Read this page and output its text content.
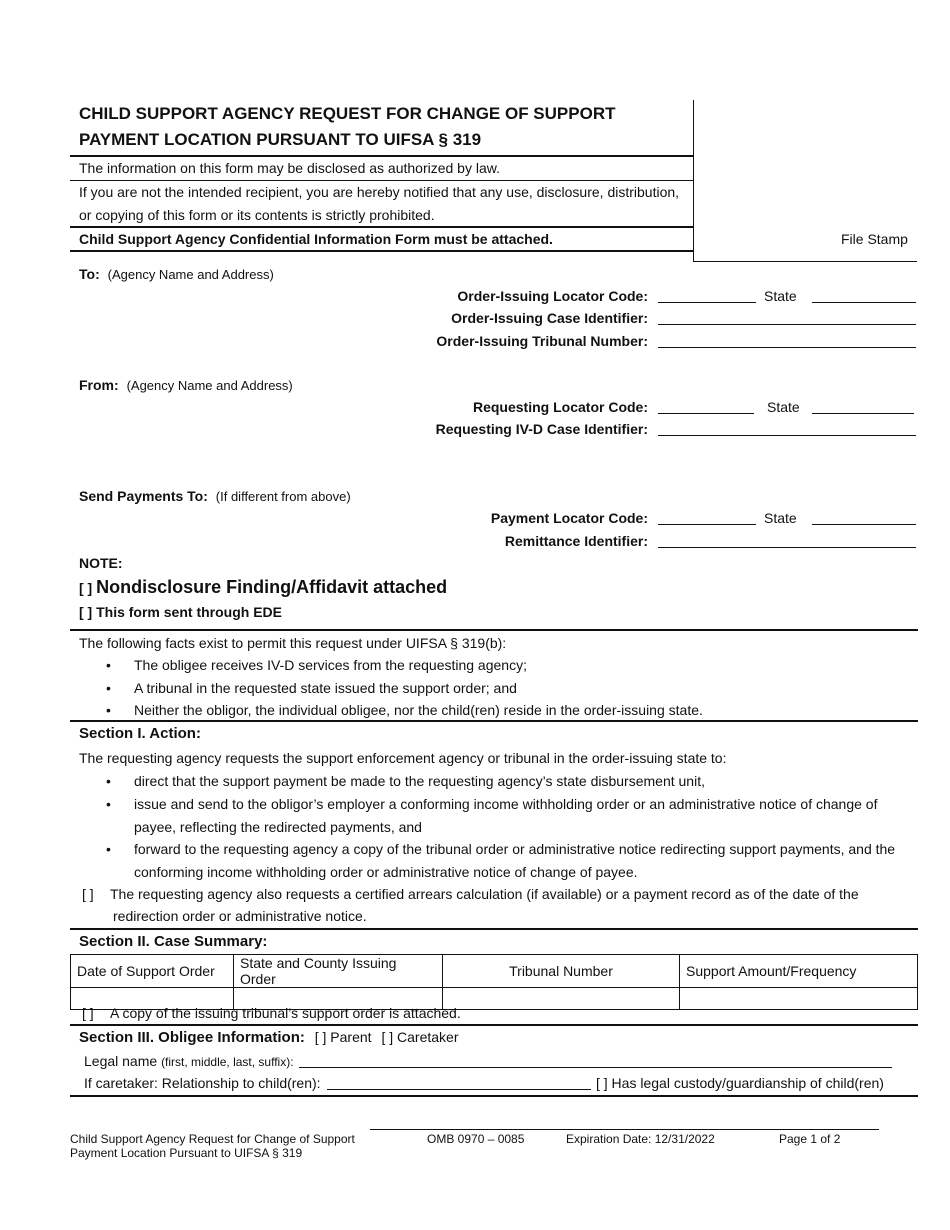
CHILD SUPPORT AGENCY REQUEST FOR CHANGE OF SUPPORT
PAYMENT LOCATION PURSUANT TO UIFSA § 319
The information on this form may be disclosed as authorized by law.
If you are not the intended recipient, you are hereby notified that any use, disclosure, distribution,
or copying of this form or its contents is strictly prohibited.
Child Support Agency Confidential Information Form must be attached.	File Stamp
To: (Agency Name and Address)
Order-Issuing Locator Code:	State
Order-Issuing Case Identifier:
Order-Issuing Tribunal Number:
From: (Agency Name and Address)
Requesting Locator Code:	State
Requesting IV-D Case Identifier:
Send Payments To: (If different from above)
Payment Locator Code:	State
Remittance Identifier:
NOTE:
[ ] Nondisclosure Finding/Affidavit attached
[ ] This form sent through EDE
The following facts exist to permit this request under UIFSA § 319(b):
• The obligee receives IV-D services from the requesting agency;
• A tribunal in the requested state issued the support order; and
• Neither the obligor, the individual obligee, nor the child(ren) reside in the order-issuing state.
Section I. Action:
The requesting agency requests the support enforcement agency or tribunal in the order-issuing state to:
• direct that the support payment be made to the requesting agency’s state disbursement unit,
• issue and send to the obligor’s employer a conforming income withholding order or an administrative notice of change of
payee, reflecting the redirected payments, and
• forward to the requesting agency a copy of the tribunal order or administrative notice redirecting support payments, and the
conforming income withholding order or administrative notice of change of payee.
[ ] The requesting agency also requests a certified arrears calculation (if available) or a payment record as of the date of the
redirection order or administrative notice.
Section II. Case Summary:
Date of Support Order	State and County Issuing Order	Tribunal Number	Support Amount/Frequency

[ ] A copy of the issuing tribunal’s support order is attached.
Section III. Obligee Information: [ ] Parent [ ] Caretaker
Legal name (first, middle, last, suffix):
If caretaker: Relationship to child(ren):	[ ] Has legal custody/guardianship of child(ren)
Child Support Agency Request for Change of Support
Payment Location Pursuant to UIFSA § 319
OMB 0970 – 0085	Expiration Date: 12/31/2022	Page 1 of 2
